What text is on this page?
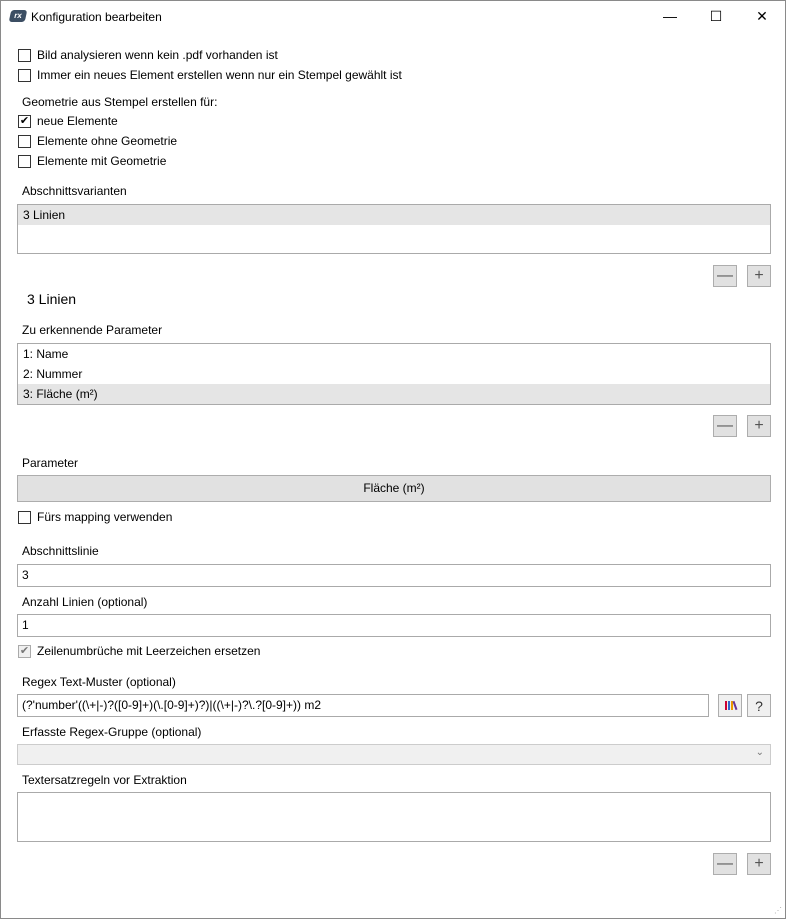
rx Konfiguration bearbeiten	—	☐	✕
Bild analysieren wenn kein .pdf vorhanden ist
Immer ein neues Element erstellen wenn nur ein Stempel gewählt ist
Geometrie aus Stempel erstellen für:
✔ neue Elemente
Elemente ohne Geometrie
Elemente mit Geometrie
Abschnittsvarianten
3 Linien
—	+
3 Linien
Zu erkennende Parameter
1: Name
2: Nummer
3: Fläche (m²)
—	+
Parameter
Fläche (m²)
Fürs mapping verwenden
Abschnittslinie
3
Anzahl Linien (optional)
1
✔ Zeilenumbrüche mit Leerzeichen ersetzen
Regex Text-Muster (optional)
(?'number'((\+|-)?([0-9]+)(\.[0-9]+)?)|((\+|-)?\.?[0-9]+)) m2	?
Erfasste Regex-Gruppe (optional)
⌄
Textersatzregeln vor Extraktion
—	+
⋰
